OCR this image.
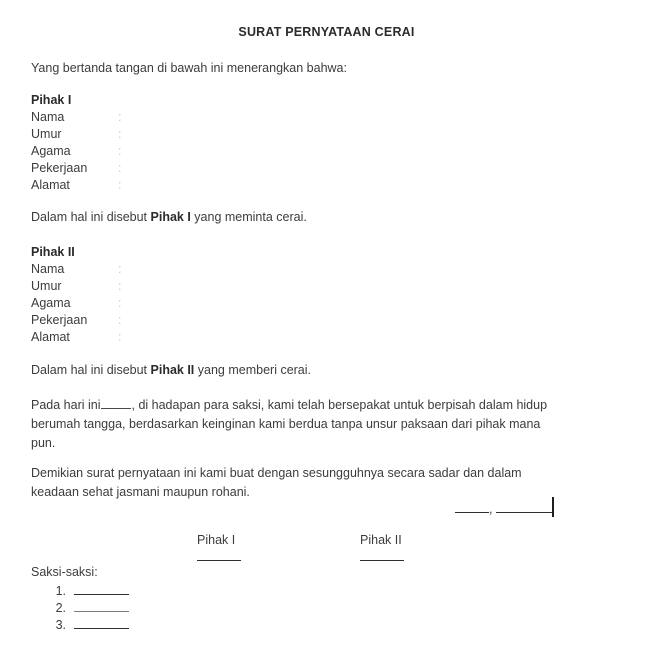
SURAT PERNYATAAN CERAI
Yang bertanda tangan di bawah ini menerangkan bahwa:
Pihak I
Nama	:
Umur	:
Agama	:
Pekerjaan :
Alamat	:
Dalam hal ini disebut Pihak I yang meminta cerai.
Pihak II
Nama	:
Umur	:
Agama	:
Pekerjaan :
Alamat	:
Dalam hal ini disebut Pihak II yang memberi cerai.
Pada hari ini , di hadapan para saksi, kami telah bersepakat untuk berpisah dalam hidup berumah tangga, berdasarkan keinginan kami berdua tanpa unsur paksaan dari pihak mana pun.
Demikian surat pernyataan ini kami buat dengan sesungguhnya secara sadar dan dalam keadaan sehat jasmani maupun rohani.
,
Pihak I	Pihak II
Saksi-saksi:
1.
2.
3.
